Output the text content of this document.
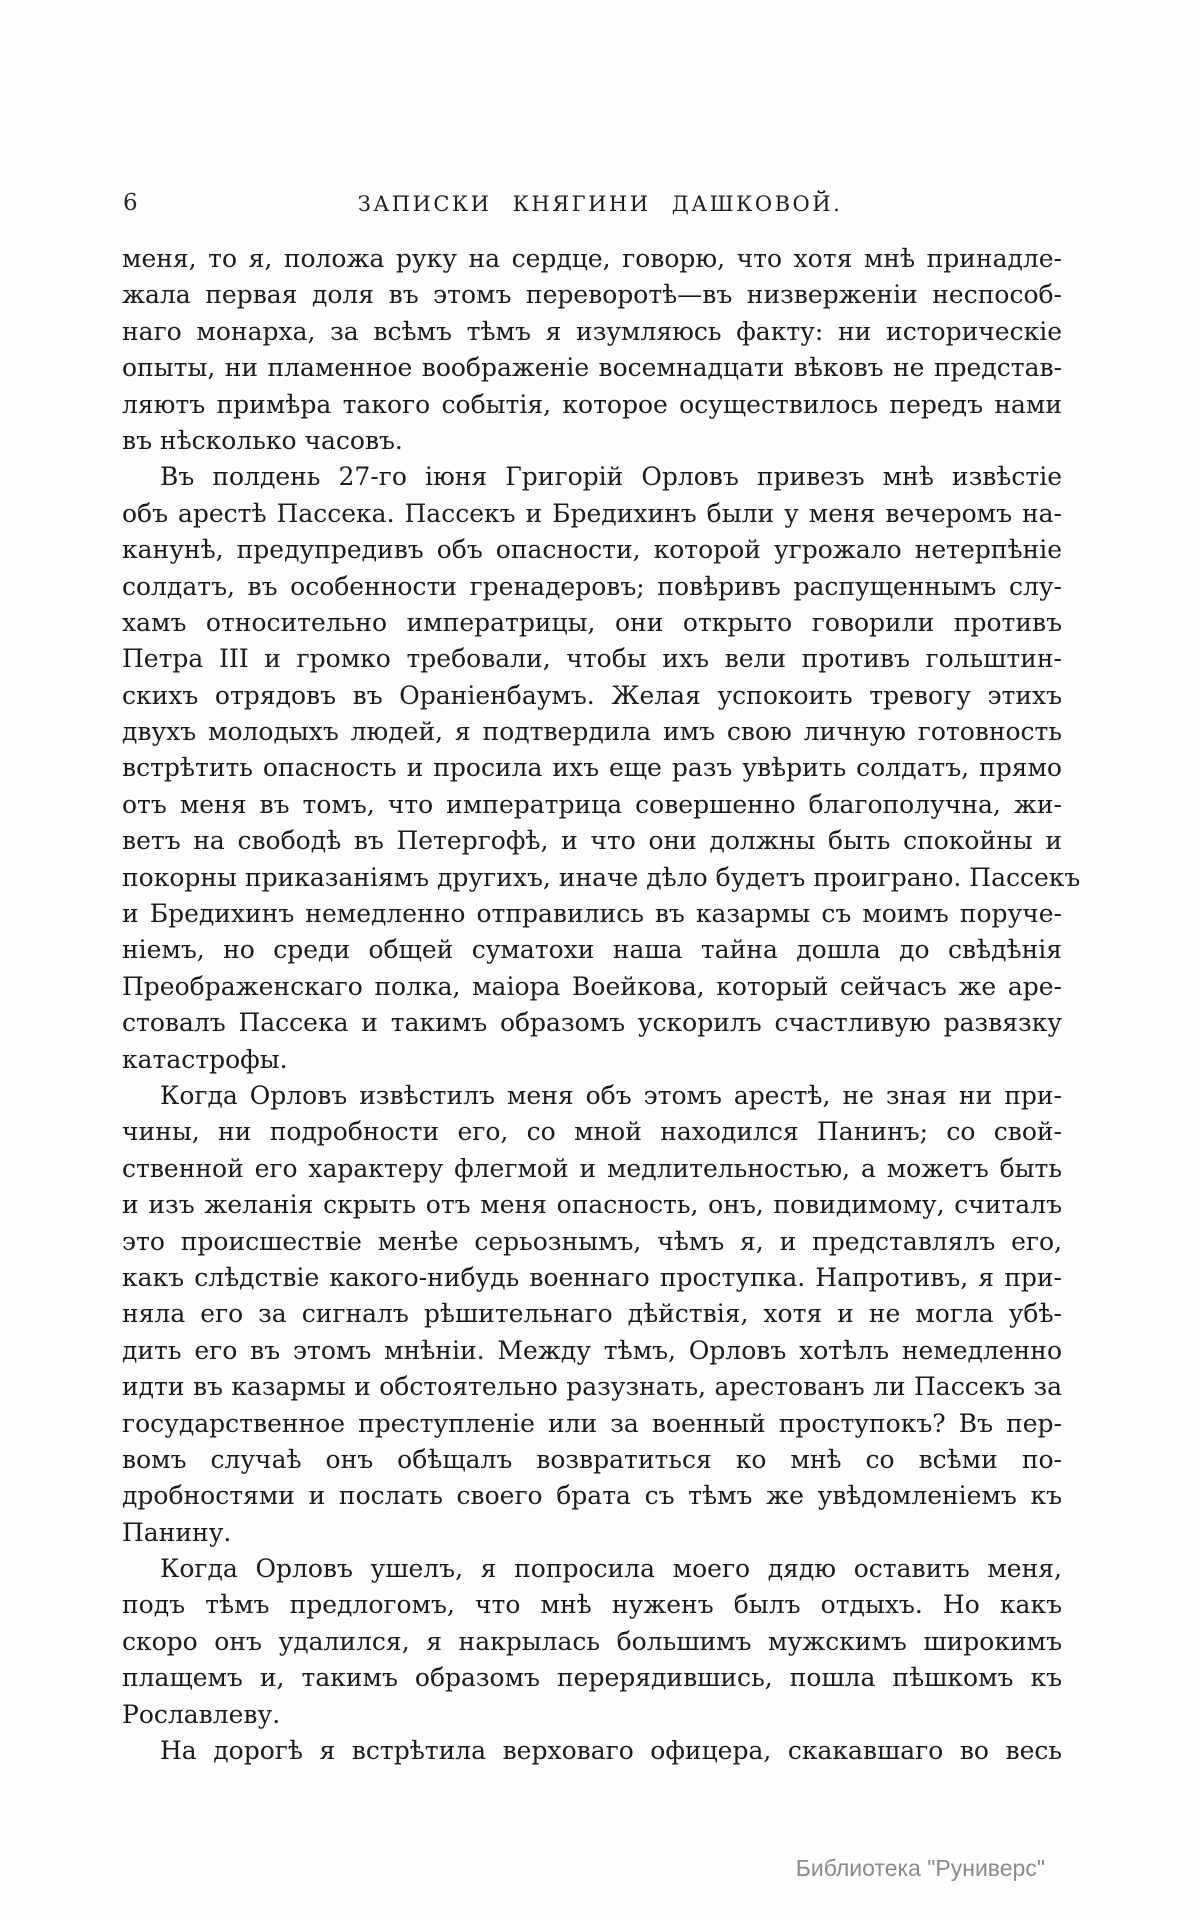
6	ЗАПИСКИ КНЯГИНИ ДАШКОВОЙ.
меня, то я, положа руку на сердце, говорю, что хотя мнѣ принадле-
жала первая доля въ этомъ переворотѣ—въ низверженіи неспособ-
наго монарха, за всѣмъ тѣмъ я изумляюсь факту: ни историческіе
опыты, ни пламенное воображеніе восемнадцати вѣковъ не представ-
ляютъ примѣра такого событія, которое осуществилось передъ нами
въ нѣсколько часовъ.
Въ полдень 27-го іюня Григорій Орловъ привезъ мнѣ извѣстіе
объ арестѣ Пассека. Пассекъ и Бредихинъ были у меня вечеромъ на-
канунѣ, предупредивъ объ опасности, которой угрожало нетерпѣніе
солдатъ, въ особенности гренадеровъ; повѣривъ распущеннымъ слу-
хамъ относительно императрицы, они открыто говорили противъ
Петра III и громко требовали, чтобы ихъ вели противъ гольштин-
скихъ отрядовъ въ Ораніенбаумъ. Желая успокоить тревогу этихъ
двухъ молодыхъ людей, я подтвердила имъ свою личную готовность
встрѣтить опасность и просила ихъ еще разъ увѣрить солдатъ, прямо
отъ меня въ томъ, что императрица совершенно благополучна, жи-
ветъ на свободѣ въ Петергофѣ, и что они должны быть спокойны и
покорны приказаніямъ другихъ, иначе дѣло будетъ проиграно. Пассекъ
и Бредихинъ немедленно отправились въ казармы съ моимъ поруче-
ніемъ, но среди общей суматохи наша тайна дошла до свѣдѣнія
Преображенскаго полка, маіора Воейкова, который сейчасъ же аре-
стовалъ Пассека и такимъ образомъ ускорилъ счастливую развязку
катастрофы.
Когда Орловъ извѣстилъ меня объ этомъ арестѣ, не зная ни при-
чины, ни подробности его, со мной находился Панинъ; со свой-
ственной его характеру флегмой и медлительностью, а можетъ быть
и изъ желанія скрыть отъ меня опасность, онъ, повидимому, считалъ
это происшествіе менѣе серьознымъ, чѣмъ я, и представлялъ его,
какъ слѣдствіе какого-нибудь военнаго проступка. Напротивъ, я при-
няла его за сигналъ рѣшительнаго дѣйствія, хотя и не могла убѣ-
дить его въ этомъ мнѣніи. Между тѣмъ, Орловъ хотѣлъ немедленно
идти въ казармы и обстоятельно разузнать, арестованъ ли Пассекъ за
государственное преступленіе или за военный проступокъ? Въ пер-
вомъ случаѣ онъ обѣщалъ возвратиться ко мнѣ со всѣми по-
дробностями и послать своего брата съ тѣмъ же увѣдомленіемъ къ
Панину.
Когда Орловъ ушелъ, я попросила моего дядю оставить меня,
подъ тѣмъ предлогомъ, что мнѣ нуженъ былъ отдыхъ. Но какъ
скоро онъ удалился, я накрылась большимъ мужскимъ широкимъ
плащемъ и, такимъ образомъ перерядившись, пошла пѣшкомъ къ
Рославлеву.
На дорогѣ я встрѣтила верховаго офицера, скакавшаго во весь
Библиотека "Руниверс"
